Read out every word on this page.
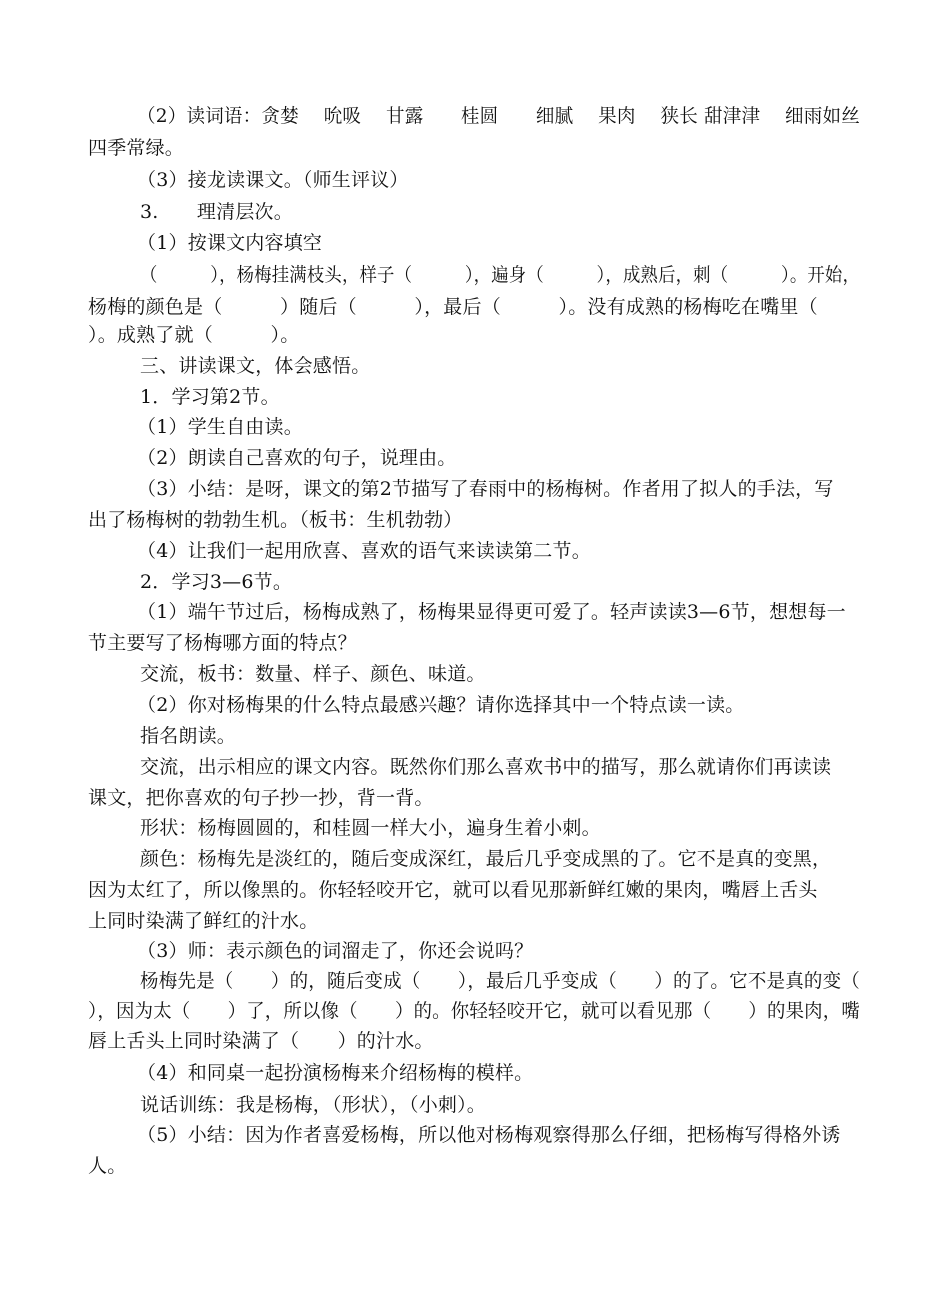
（2）读词语：贪婪　 吮吸　 甘露　　桂圆　　细腻　 果肉　 狭长 甜津津　 细雨如丝
四季常绿。
（3）接龙读课文。（师生评议）
3.　　理清层次。
（1）按课文内容填空
（　　　），杨梅挂满枝头，样子（　　　），遍身（　　　），成熟后，刺（　　　）。开始，
杨梅的颜色是（　　　）随后（　　　），最后（　　　）。没有成熟的杨梅吃在嘴里（
）。成熟了就（　　　）。
三、讲读课文，体会感悟。
1．学习第2节。
（1）学生自由读。
（2）朗读自己喜欢的句子，说理由。
（3）小结：是呀，课文的第2节描写了春雨中的杨梅树。作者用了拟人的手法，写
出了杨梅树的勃勃生机。（板书：生机勃勃）
（4）让我们一起用欣喜、喜欢的语气来读读第二节。
2．学习3—6节。
（1）端午节过后，杨梅成熟了，杨梅果显得更可爱了。轻声读读3—6节，想想每一
节主要写了杨梅哪方面的特点？
交流，板书：数量、样子、颜色、味道。
（2）你对杨梅果的什么特点最感兴趣？请你选择其中一个特点读一读。
指名朗读。
交流，出示相应的课文内容。既然你们那么喜欢书中的描写，那么就请你们再读读
课文，把你喜欢的句子抄一抄，背一背。
形状：杨梅圆圆的，和桂圆一样大小，遍身生着小刺。
颜色：杨梅先是淡红的，随后变成深红，最后几乎变成黑的了。它不是真的变黑，
因为太红了，所以像黑的。你轻轻咬开它，就可以看见那新鲜红嫩的果肉，嘴唇上舌头
上同时染满了鲜红的汁水。
（3）师：表示颜色的词溜走了，你还会说吗？
杨梅先是（　　）的，随后变成（　　），最后几乎变成（　　）的了。它不是真的变（
），因为太（　　）了，所以像（　　）的。你轻轻咬开它，就可以看见那（　　）的果肉，嘴
唇上舌头上同时染满了（　　）的汁水。
（4）和同桌一起扮演杨梅来介绍杨梅的模样。
说话训练：我是杨梅，（形状），（小刺）。
（5）小结：因为作者喜爱杨梅，所以他对杨梅观察得那么仔细，把杨梅写得格外诱
人。
